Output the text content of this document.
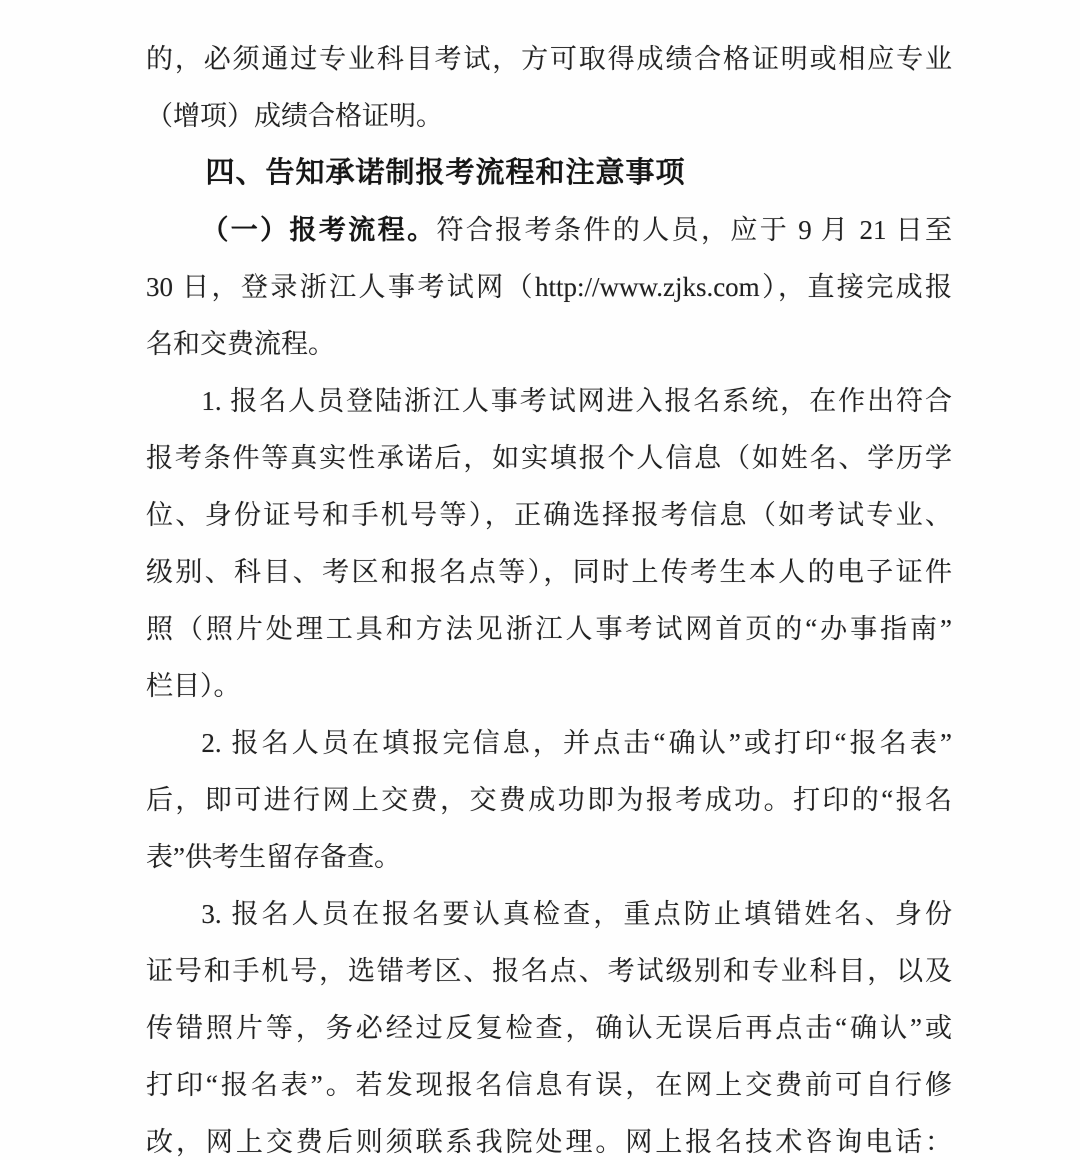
的，必须通过专业科目考试，方可取得成绩合格证明或相应专业
（增项）成绩合格证明。
四、告知承诺制报考流程和注意事项
（一）报考流程。符合报考条件的人员，应于 9 月 21 日至
30 日，登录浙江人事考试网（http://www.zjks.com），直接完成报
名和交费流程。
1. 报名人员登陆浙江人事考试网进入报名系统，在作出符合
报考条件等真实性承诺后，如实填报个人信息（如姓名、学历学
位、身份证号和手机号等），正确选择报考信息（如考试专业、
级别、科目、考区和报名点等），同时上传考生本人的电子证件
照（照片处理工具和方法见浙江人事考试网首页的“办事指南”
栏目）。
2. 报名人员在填报完信息，并点击“确认”或打印“报名表”
后，即可进行网上交费，交费成功即为报考成功。打印的“报名
表”供考生留存备查。
3. 报名人员在报名要认真检查，重点防止填错姓名、身份
证号和手机号，选错考区、报名点、考试级别和专业科目，以及
传错照片等，务必经过反复检查，确认无误后再点击“确认”或
打印“报名表”。若发现报名信息有误，在网上交费前可自行修
改，网上交费后则须联系我院处理。网上报名技术咨询电话：
